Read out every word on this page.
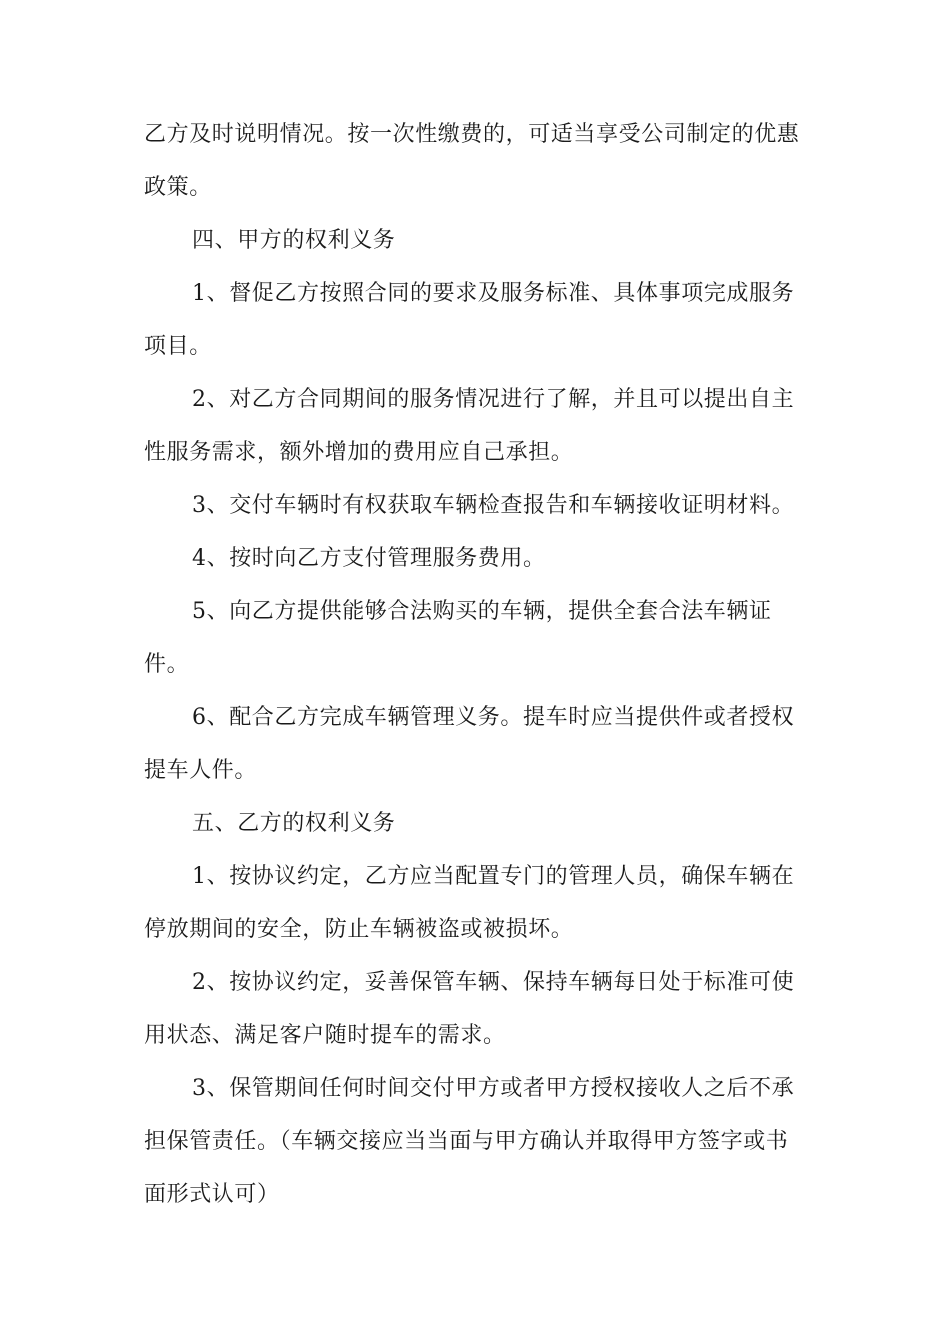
乙方及时说明情况。按一次性缴费的，可适当享受公司制定的优惠政策。

四、甲方的权利义务

1、督促乙方按照合同的要求及服务标准、具体事项完成服务项目。

2、对乙方合同期间的服务情况进行了解，并且可以提出自主性服务需求，额外增加的费用应自己承担。

3、交付车辆时有权获取车辆检查报告和车辆接收证明材料。

4、按时向乙方支付管理服务费用。

5、向乙方提供能够合法购买的车辆，提供全套合法车辆证件。

6、配合乙方完成车辆管理义务。提车时应当提供件或者授权提车人件。

五、乙方的权利义务

1、按协议约定，乙方应当配置专门的管理人员，确保车辆在停放期间的安全，防止车辆被盗或被损坏。

2、按协议约定，妥善保管车辆、保持车辆每日处于标准可使用状态、满足客户随时提车的需求。

3、保管期间任何时间交付甲方或者甲方授权接收人之后不承担保管责任。（车辆交接应当当面与甲方确认并取得甲方签字或书面形式认可）
